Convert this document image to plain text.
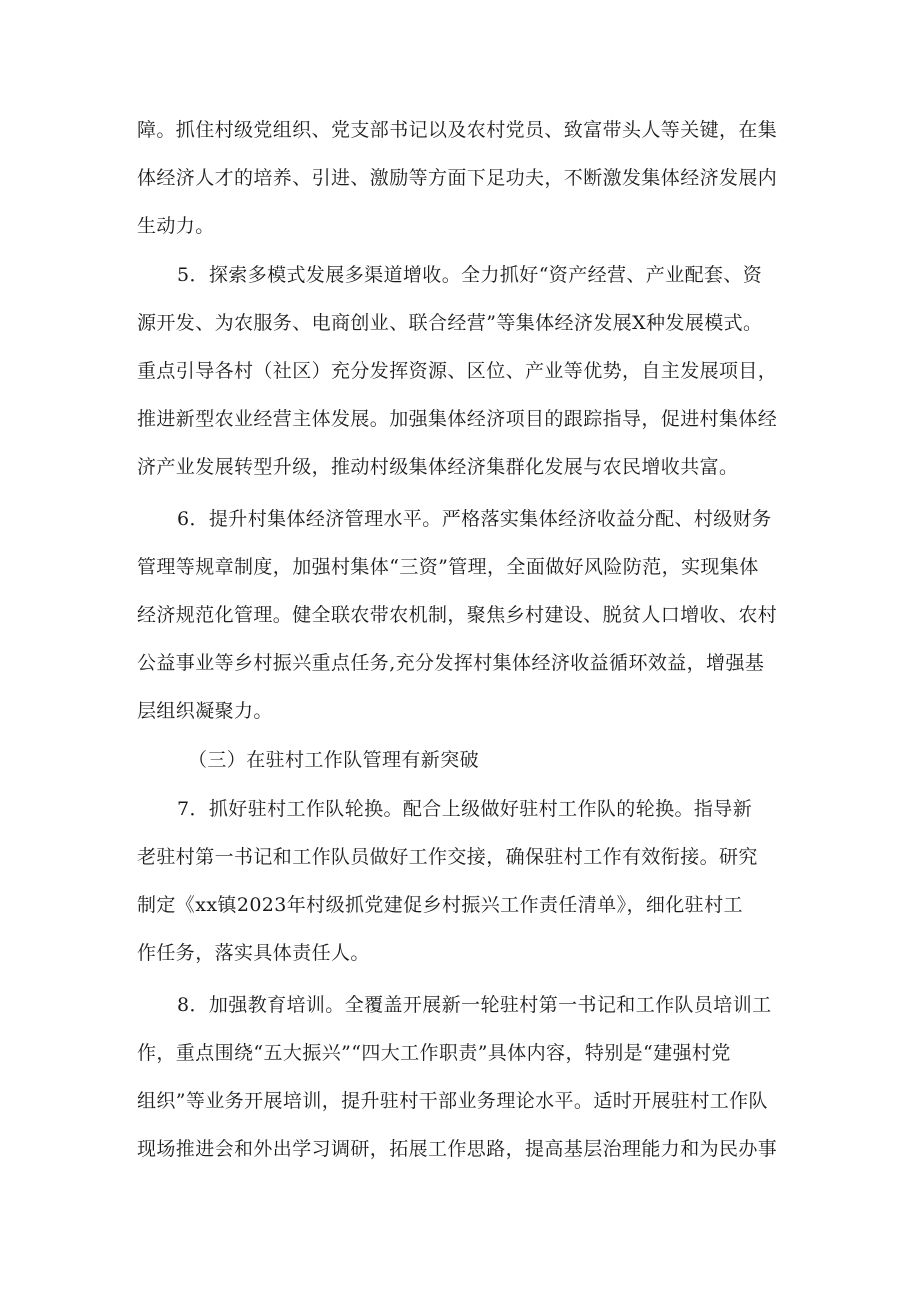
障。抓住村级党组织、党支部书记以及农村党员、致富带头人等关键，在集
体经济人才的培养、引进、激励等方面下足功夫，不断激发集体经济发展内
生动力。
5．探索多模式发展多渠道增收。全力抓好“资产经营、产业配套、资
源开发、为农服务、电商创业、联合经营”等集体经济发展X种发展模式。
重点引导各村（社区）充分发挥资源、区位、产业等优势，自主发展项目，
推进新型农业经营主体发展。加强集体经济项目的跟踪指导，促进村集体经
济产业发展转型升级，推动村级集体经济集群化发展与农民增收共富。
6．提升村集体经济管理水平。严格落实集体经济收益分配、村级财务
管理等规章制度，加强村集体“三资”管理，全面做好风险防范，实现集体
经济规范化管理。健全联农带农机制，聚焦乡村建设、脱贫人口增收、农村
公益事业等乡村振兴重点任务,充分发挥村集体经济收益循环效益，增强基
层组织凝聚力。
（三）在驻村工作队管理有新突破
7．抓好驻村工作队轮换。配合上级做好驻村工作队的轮换。指导新
老驻村第一书记和工作队员做好工作交接，确保驻村工作有效衔接。研究
制定《xx镇2023年村级抓党建促乡村振兴工作责任清单》，细化驻村工
作任务，落实具体责任人。
8．加强教育培训。全覆盖开展新一轮驻村第一书记和工作队员培训工
作，重点围绕“五大振兴”“四大工作职责”具体内容，特别是“建强村党
组织”等业务开展培训，提升驻村干部业务理论水平。适时开展驻村工作队
现场推进会和外出学习调研，拓展工作思路，提高基层治理能力和为民办事
